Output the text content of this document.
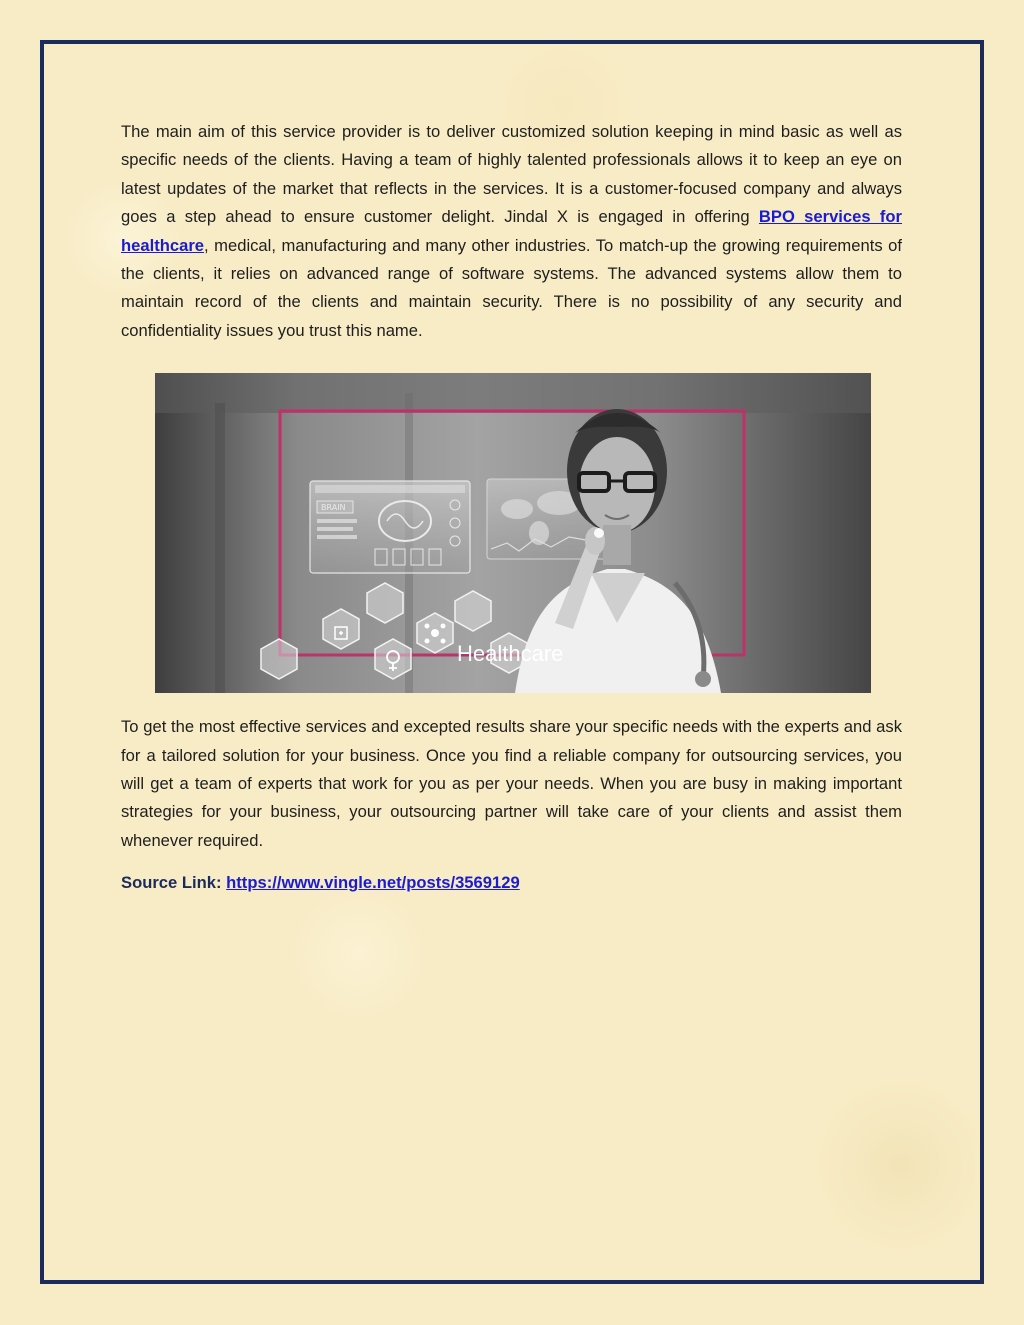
The main aim of this service provider is to deliver customized solution keeping in mind basic as well as specific needs of the clients. Having a team of highly talented professionals allows it to keep an eye on latest updates of the market that reflects in the services. It is a customer-focused company and always goes a step ahead to ensure customer delight. Jindal X is engaged in offering BPO services for healthcare, medical, manufacturing and many other industries. To match-up the growing requirements of the clients, it relies on advanced range of software systems. The advanced systems allow them to maintain record of the clients and maintain security. There is no possibility of any security and confidentiality issues you trust this name.

BRAIN
Healthcare

To get the most effective services and excepted results share your specific needs with the experts and ask for a tailored solution for your business. Once you find a reliable company for outsourcing services, you will get a team of experts that work for you as per your needs. When you are busy in making important strategies for your business, your outsourcing partner will take care of your clients and assist them whenever required.

Source Link: https://www.vingle.net/posts/3569129
